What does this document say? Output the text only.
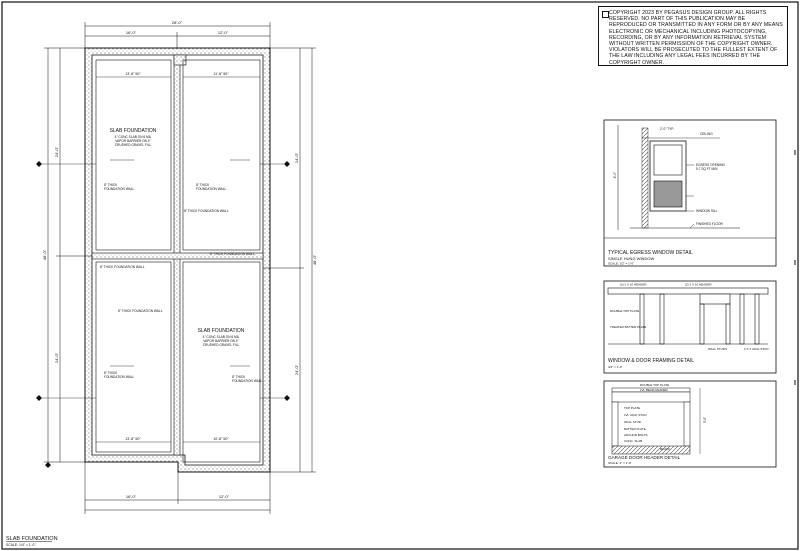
28'-0"
16'-0"	12'-0"
16'-0"	12'-0"
48'-0"
24'-0"
24'-0"
48'-0"
24'-0"
24'-0"
13'-8" 50"	11'-8" 50"
13'-8" 50"	10'-8" 50"
SLAB FOUNDATION
4" CONC SLAB ON 6 MIL
VAPOR BARRIER ON 4"
CRUSHED GRAVEL FILL
SLAB FOUNDATION
4" CONC SLAB ON 6 MIL
VAPOR BARRIER ON 4"
CRUSHED GRAVEL FILL
8" THICK
FOUNDATION WALL
8" THICK
FOUNDATION WALL
8" THICK FOUNDATION WALL
8" THICK FOUNDATION WALL
8" THICK FOUNDATION WALL
8" THICK FOUNDATION WALL
8" THICK
FOUNDATION WALL	8" THICK
FOUNDATION WALL
SLAB FOUNDATION
SCALE: 1/4" = 1'-0"
2'-0" TYP.
CEILING
EGRESS OPENING
5.7 SQ FT MIN
WINDOW SILL
FINISHED FLOOR
4'-0"
TYPICAL EGRESS WINDOW DETAIL
SINGLE HUNG WINDOW
SCALE: 1/2" = 1'-0"
(2) 2 X 10 HEADER	(2) 2 X 10 HEADER
DOUBLE TOP PLATE
TREATED BATTER PLATE
WALL STUDS	2 X 4 JACK STUD
WINDOW & DOOR FRAMING DETAIL
3/4" = 1'-0"
DOUBLE TOP PLATE
LVL BEAM HEADER
TOP PLATE
LVL JACK STUD
WALL STUD
BATTER PLATE
ANCHOR BOLTS
CONC. SLAB
BLOCK
3'-0"
GARAGE DOOR HEADER DETAIL
SCALE: 1" = 1'-0"
COPYRIGHT 2023 BY PEGASUS DESIGN GROUP. ALL RIGHTS RESERVED. NO PART OF THIS PUBLICATION MAY BE REPRODUCED OR TRANSMITTED IN ANY FORM OR BY ANY MEANS ELECTRONIC OR MECHANICAL INCLUDING PHOTOCOPYING, RECORDING, OR BY ANY INFORMATION RETRIEVAL SYSTEM WITHOUT WRITTEN PERMISSION OF THE COPYRIGHT OWNER. VIOLATORS WILL BE PROSECUTED TO THE FULLEST EXTENT OF THE LAW INCLUDING ANY LEGAL FEES INCURRED BY THE COPYRIGHT OWNER.
